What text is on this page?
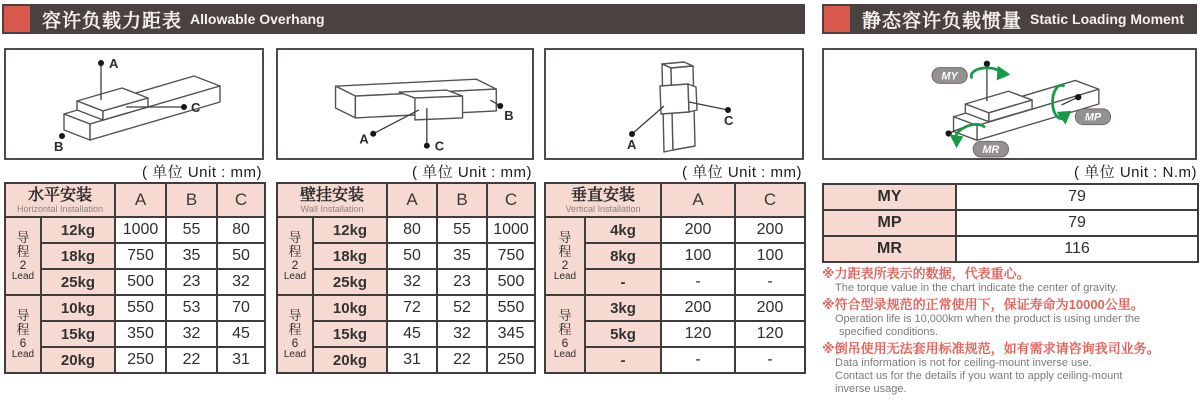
容许负载力距表 Allowable Overhang	静态容许负载惯量 Static Loading Moment
A
C
B
( 单位 Unit : mm)
A	C
B
( 单位 Unit : mm)
A
C
( 单位 Unit : mm)
MY
MP
MR
( 单位 Unit : N.m)
水平安装
Horizontal Installation		A	B	C

导程
2
Lead	12kg	1000	55	80
	18kg	750	35	50
	25kg	500	23	32

导程
6
Lead	10kg	550	53	70
	15kg	350	32	45
	20kg	250	22	31
壁挂安装
Wall Installation		A	B	C

导程
2
Lead	12kg	80	55	1000
	18kg	50	35	750
	25kg	32	23	500

导程
6
Lead	10kg	72	52	550
	15kg	45	32	345
	20kg	31	22	250
垂直安装
Vertical Installation		A	C

导程
2
Lead	4kg	200	200
	8kg	100	100
	-	-	-

导程
6
Lead	3kg	200	200
	5kg	120	120
	-	-	-
MY	79
MP	79
MR	116
※力距表所表示的数据，代表重心。
The torque value in the chart indicate the center of gravity.
※符合型录规范的正常使用下，保证寿命为10000公里。
Operation life is 10,000km when the product is using under the
specified conditions.
※倒吊使用无法套用标准规范，如有需求请咨询我司业务。
Data information is not for ceiling-mount inverse use.
Contact us for the details if you want to apply ceiling-mount
inverse usage.
